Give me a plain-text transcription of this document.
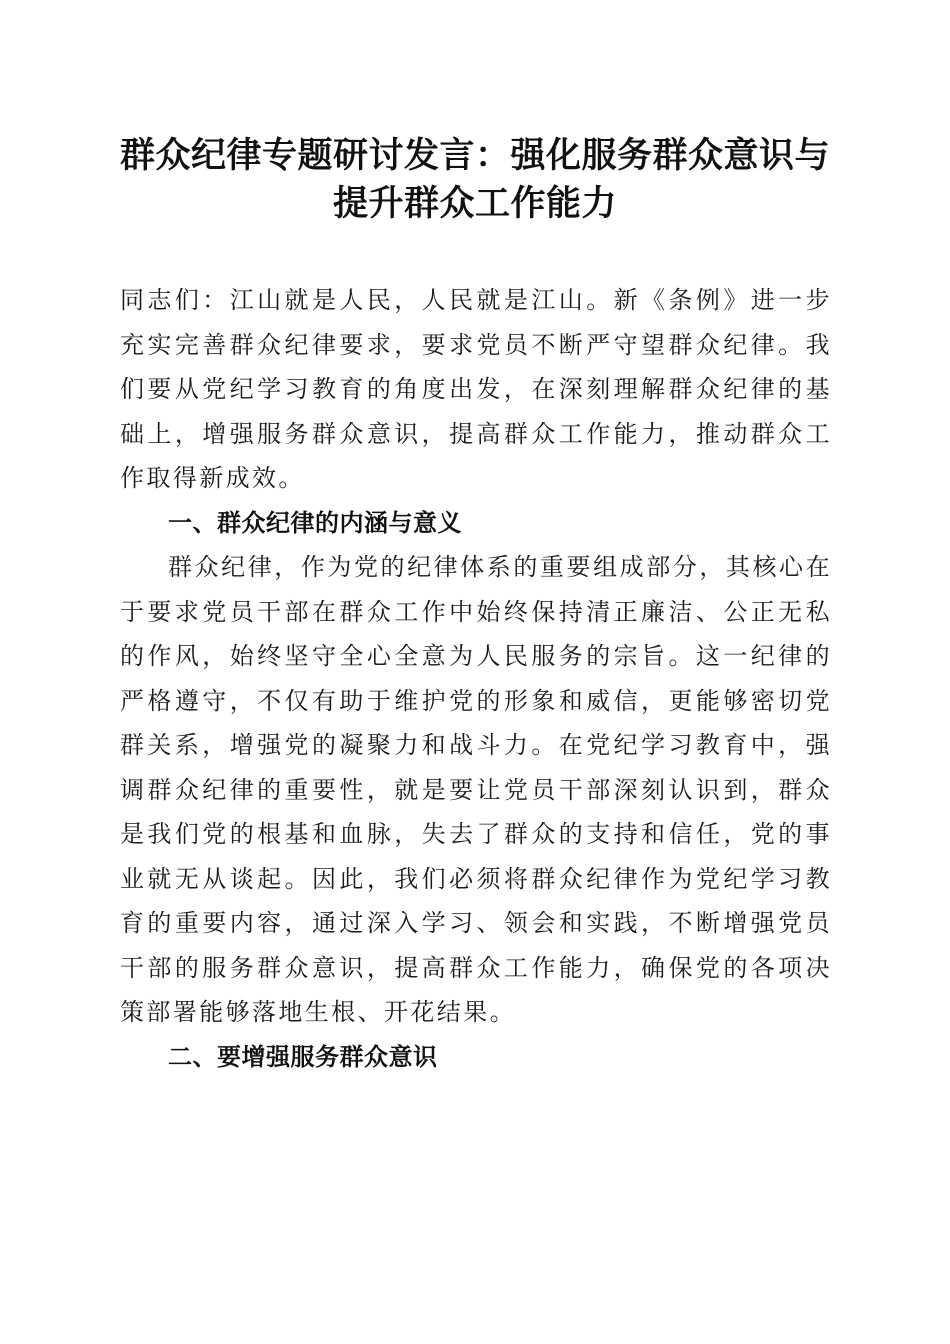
群众纪律专题研讨发言：强化服务群众意识与
提升群众工作能力

同志们：江山就是人民，人民就是江山。新《条例》进一步充实完善群众纪律要求，要求党员不断严守望群众纪律。我们要从党纪学习教育的角度出发，在深刻理解群众纪律的基础上，增强服务群众意识，提高群众工作能力，推动群众工作取得新成效。

一、群众纪律的内涵与意义

群众纪律，作为党的纪律体系的重要组成部分，其核心在于要求党员干部在群众工作中始终保持清正廉洁、公正无私的作风，始终坚守全心全意为人民服务的宗旨。这一纪律的严格遵守，不仅有助于维护党的形象和威信，更能够密切党群关系，增强党的凝聚力和战斗力。在党纪学习教育中，强调群众纪律的重要性，就是要让党员干部深刻认识到，群众是我们党的根基和血脉，失去了群众的支持和信任，党的事业就无从谈起。因此，我们必须将群众纪律作为党纪学习教育的重要内容，通过深入学习、领会和实践，不断增强党员干部的服务群众意识，提高群众工作能力，确保党的各项决策部署能够落地生根、开花结果。

二、要增强服务群众意识
